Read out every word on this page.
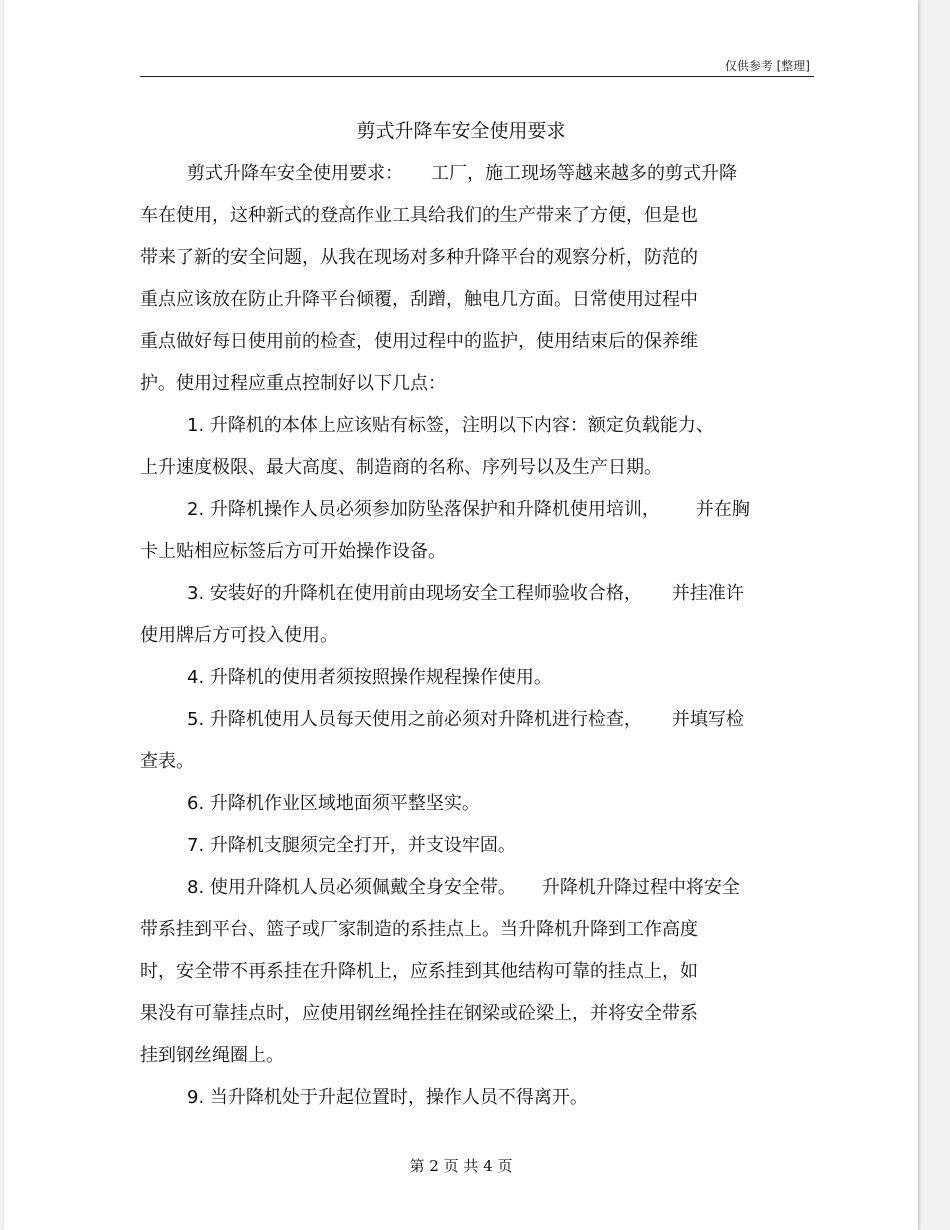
仅供参考 [整理]
剪式升降车安全使用要求
剪式升降车安全使用要求： 工厂，施工现场等越来越多的剪式升降
车在使用，这种新式的登高作业工具给我们的生产带来了方便，但是也
带来了新的安全问题，从我在现场对多种升降平台的观察分析，防范的
重点应该放在防止升降平台倾覆，刮蹭，触电几方面。日常使用过程中
重点做好每日使用前的检查，使用过程中的监护，使用结束后的保养维
护。使用过程应重点控制好以下几点：
1. 升降机的本体上应该贴有标签，注明以下内容：额定负载能力、
上升速度极限、最大高度、制造商的名称、序列号以及生产日期。
2. 升降机操作人员必须参加防坠落保护和升降机使用培训， 并在胸
卡上贴相应标签后方可开始操作设备。
3. 安装好的升降机在使用前由现场安全工程师验收合格， 并挂准许
使用牌后方可投入使用。
4. 升降机的使用者须按照操作规程操作使用。
5. 升降机使用人员每天使用之前必须对升降机进行检查， 并填写检
查表。
6. 升降机作业区域地面须平整坚实。
7. 升降机支腿须完全打开，并支设牢固。
8. 使用升降机人员必须佩戴全身安全带。 升降机升降过程中将安全
带系挂到平台、篮子或厂家制造的系挂点上。当升降机升降到工作高度
时，安全带不再系挂在升降机上，应系挂到其他结构可靠的挂点上，如
果没有可靠挂点时，应使用钢丝绳拴挂在钢梁或砼梁上，并将安全带系
挂到钢丝绳圈上。
9. 当升降机处于升起位置时，操作人员不得离开。
第 2 页 共 4 页
